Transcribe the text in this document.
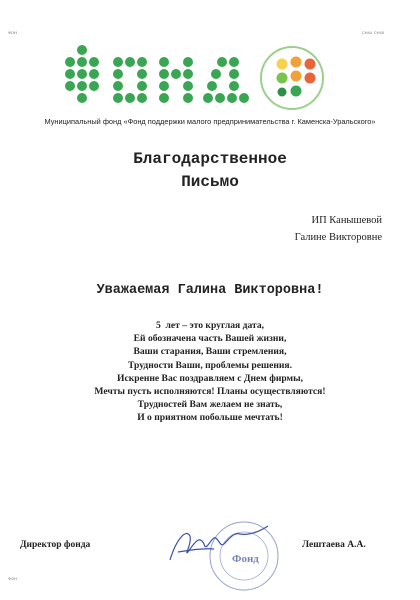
ФОН	СН44 СН45
ФОН
Муниципальный фонд «Фонд поддержки малого предпринимательства г. Каменска-Уральского»
Благодарственное
Письмо
ИП Канышевой
Галине Викторовне
Уважаемая Галина Викторовна!
5  лет – это круглая дата,
Ей обозначена часть Вашей жизни,
Ваши старания, Ваши стремления,
Трудности Ваши, проблемы решения.
Искренне Вас поздравляем с Днем фирмы,
Мечты пусть исполняются! Планы осуществляются!
Трудностей Вам желаем не знать,
И о приятном побольше мечтать!
Директор фонда	Лештаева А.А.
Фонд
